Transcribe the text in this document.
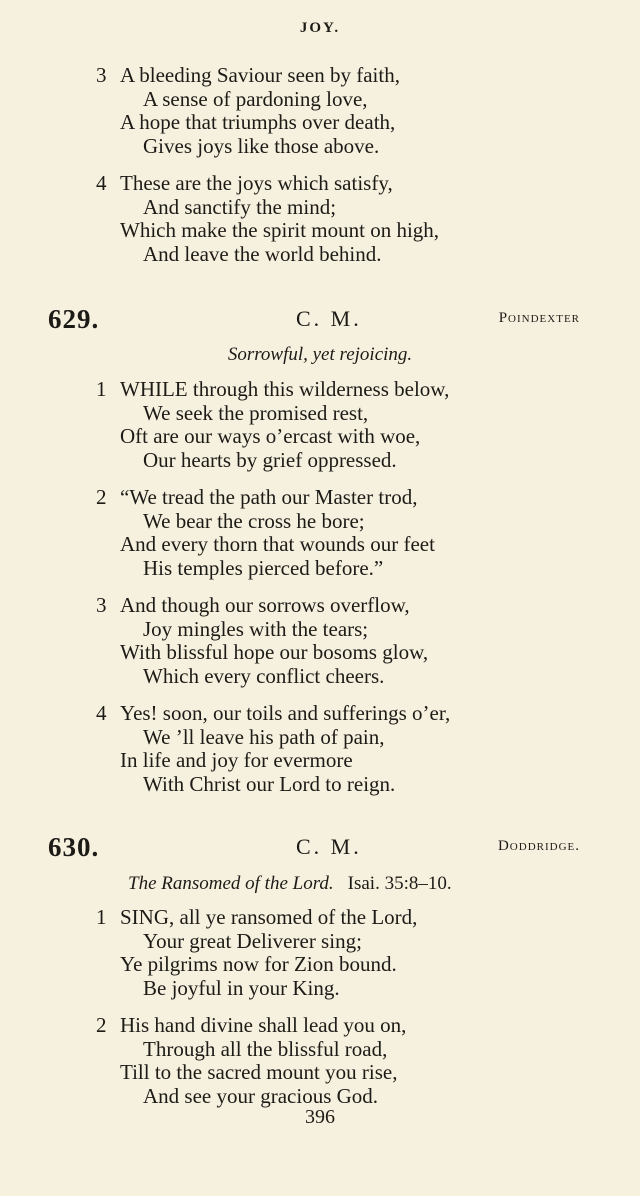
JOY.
3 A bleeding Saviour seen by faith,
A sense of pardoning love,
A hope that triumphs over death,
Gives joys like those above.
4 These are the joys which satisfy,
And sanctify the mind;
Which make the spirit mount on high,
And leave the world behind.
629.	C. M.	Poindexter
Sorrowful, yet rejoicing.
1 WHILE through this wilderness below,
We seek the promised rest,
Oft are our ways o’ercast with woe,
Our hearts by grief oppressed.
2 “We tread the path our Master trod,
We bear the cross he bore;
And every thorn that wounds our feet
His temples pierced before.”
3 And though our sorrows overflow,
Joy mingles with the tears;
With blissful hope our bosoms glow,
Which every conflict cheers.
4 Yes! soon, our toils and sufferings o’er,
We ’ll leave his path of pain,
In life and joy for evermore
With Christ our Lord to reign.
630.	C. M.	Doddridge.
The Ransomed of the Lord. Isai. 35:8–10.
1 SING, all ye ransomed of the Lord,
Your great Deliverer sing;
Ye pilgrims now for Zion bound.
Be joyful in your King.
2 His hand divine shall lead you on,
Through all the blissful road,
Till to the sacred mount you rise,
And see your gracious God.
396
